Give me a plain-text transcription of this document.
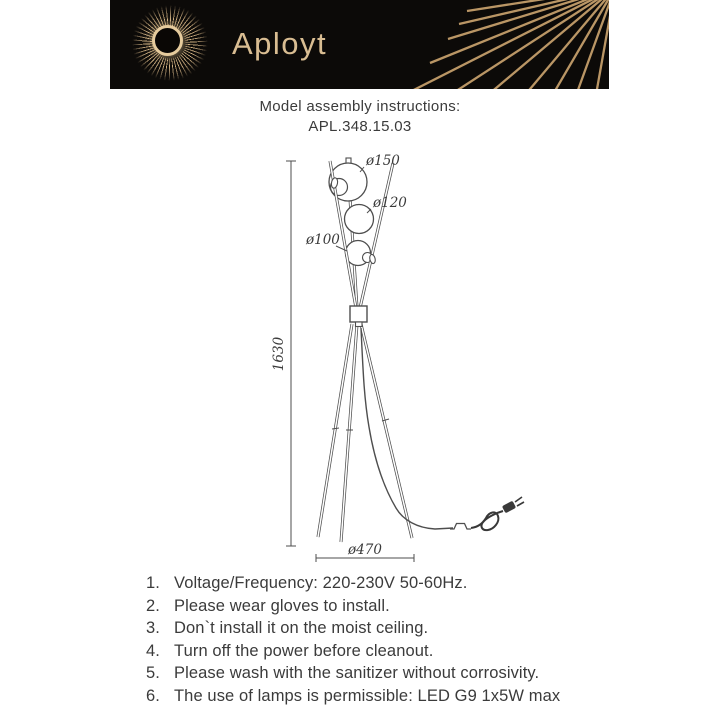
Aployt
Model assembly instructions:
APL.348.15.03
1630
ø150
ø120
ø100
ø470
1. Voltage/Frequency: 220-230V 50-60Hz.
2. Please wear gloves to install.
3. Don`t install it on the moist ceiling.
4. Turn off the power before cleanout.
5. Please wash with the sanitizer without corrosivity.
6. The use of lamps is permissible: LED G9 1x5W max
